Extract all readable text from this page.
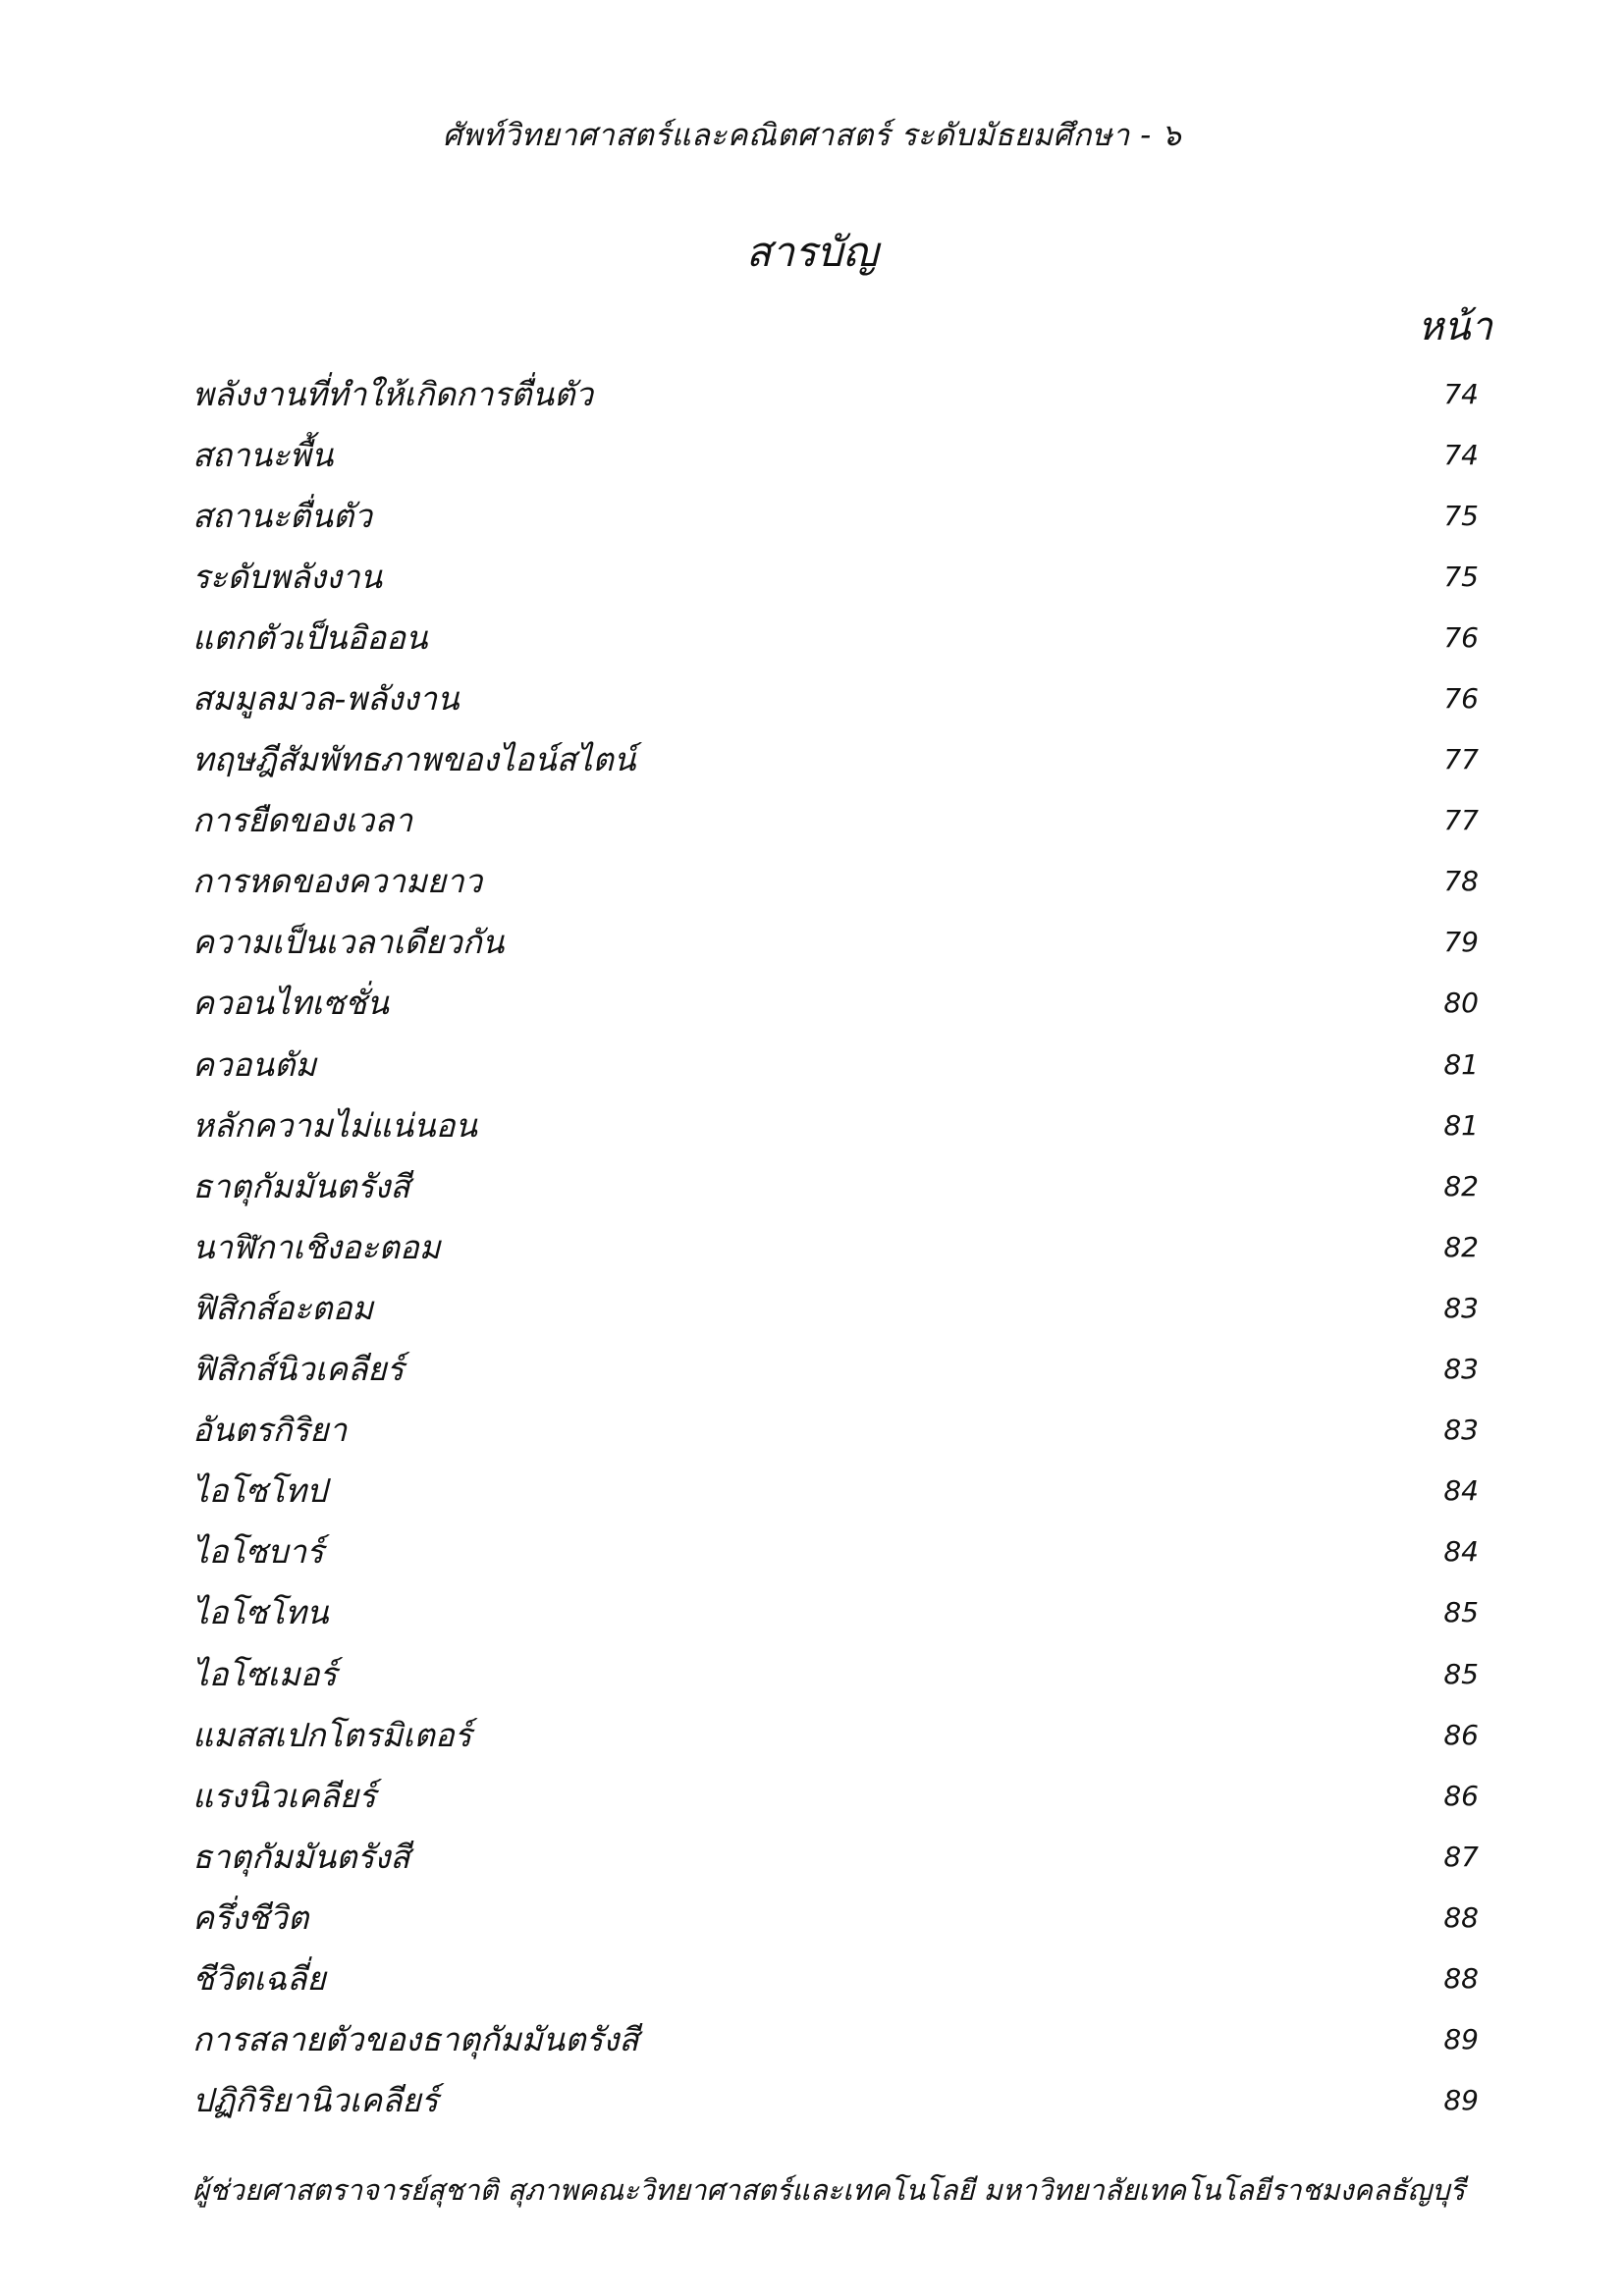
ศัพท์วิทยาศาสตร์และคณิตศาสตร์ ระดับมัธยมศึกษา - ๖
สารบัญ
หน้า
พลังงานที่ทำให้เกิดการตื่นตัว	74
สถานะพื้น	74
สถานะตื่นตัว	75
ระดับพลังงาน	75
แตกตัวเป็นอิออน	76
สมมูลมวล-พลังงาน	76
ทฤษฎีสัมพัทธภาพของไอน์สไตน์	77
การยืดของเวลา	77
การหดของความยาว	78
ความเป็นเวลาเดียวกัน	79
ควอนไทเซชั่น	80
ควอนตัม	81
หลักความไม่แน่นอน	81
ธาตุกัมมันตรังสี	82
นาฬิกาเชิงอะตอม	82
ฟิสิกส์อะตอม	83
ฟิสิกส์นิวเคลียร์	83
อันตรกิริยา	83
ไอโซโทป	84
ไอโซบาร์	84
ไอโซโทน	85
ไอโซเมอร์	85
แมสสเปกโตรมิเตอร์	86
แรงนิวเคลียร์	86
ธาตุกัมมันตรังสี	87
ครึ่งชีวิต	88
ชีวิตเฉลี่ย	88
การสลายตัวของธาตุกัมมันตรังสี	89
ปฏิกิริยานิวเคลียร์	89
ผู้ช่วยศาสตราจารย์สุชาติ สุภาพ คณะวิทยาศาสตร์และเทคโนโลยี มหาวิทยาลัยเทคโนโลยีราชมงคลธัญบุรี
